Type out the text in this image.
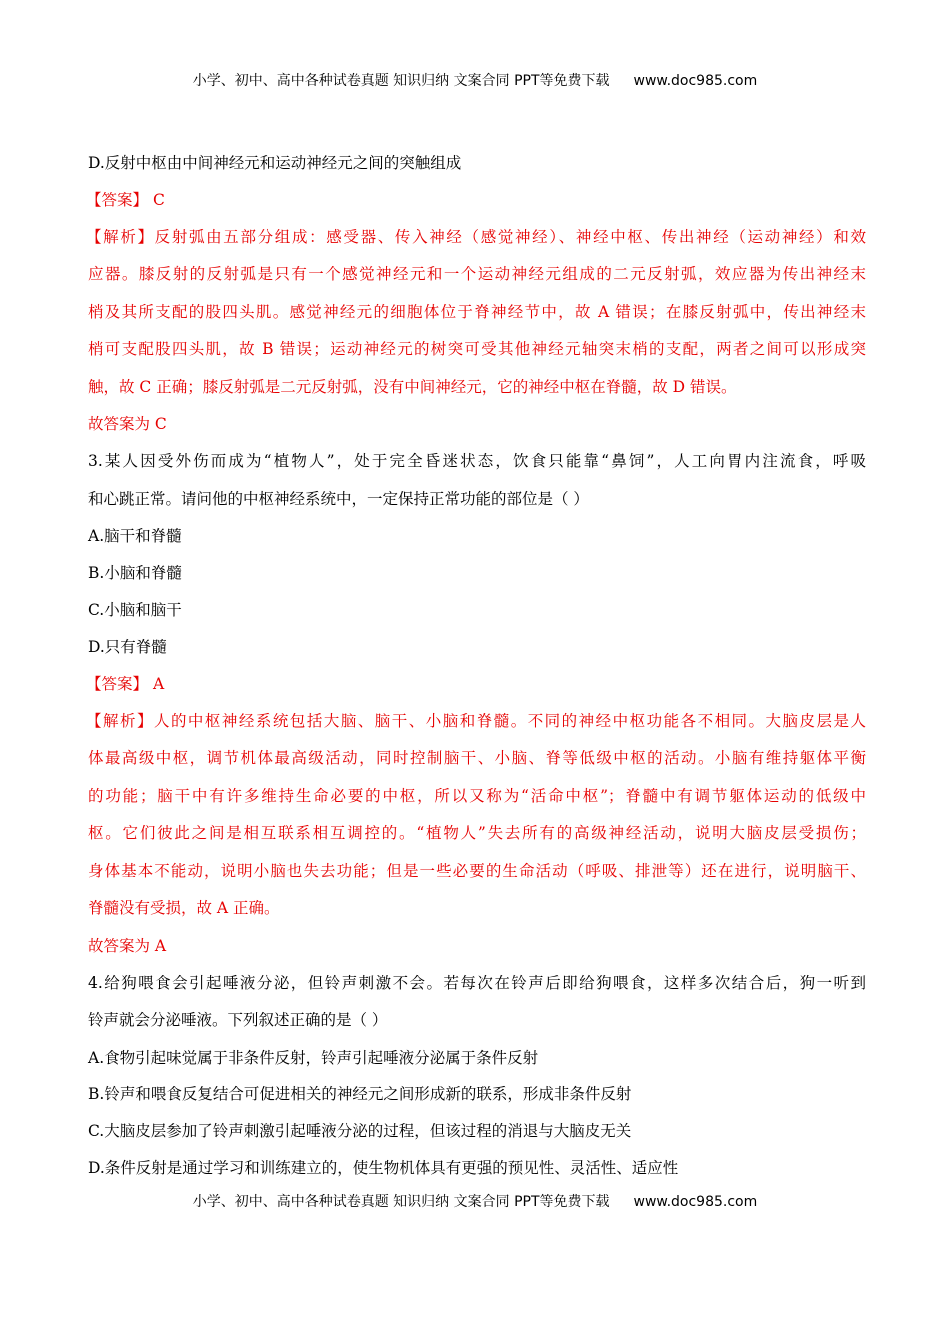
小学、初中、高中各种试卷真题 知识归纳 文案合同 PPT等免费下载 www.doc985.com
D.反射中枢由中间神经元和运动神经元之间的突触组成
【答案】 C
【解析】反射弧由五部分组成：感受器、传入神经（感觉神经）、神经中枢、传出神经（运动神经）和效
应器。膝反射的反射弧是只有一个感觉神经元和一个运动神经元组成的二元反射弧，效应器为传出神经末
梢及其所支配的股四头肌。感觉神经元的细胞体位于脊神经节中，故 A 错误；在膝反射弧中，传出神经末
梢可支配股四头肌，故 B 错误；运动神经元的树突可受其他神经元轴突末梢的支配，两者之间可以形成突
触，故 C 正确；膝反射弧是二元反射弧，没有中间神经元，它的神经中枢在脊髓，故 D 错误。
故答案为 C
3.某人因受外伤而成为“植物人”，处于完全昏迷状态，饮食只能靠“鼻饲”，人工向胃内注流食，呼吸
和心跳正常。请问他的中枢神经系统中，一定保持正常功能的部位是（ ）
A.脑干和脊髓
B.小脑和脊髓
C.小脑和脑干
D.只有脊髓
【答案】 A
【解析】人的中枢神经系统包括大脑、脑干、小脑和脊髓。不同的神经中枢功能各不相同。大脑皮层是人
体最高级中枢，调节机体最高级活动，同时控制脑干、小脑、脊等低级中枢的活动。小脑有维持躯体平衡
的功能；脑干中有许多维持生命必要的中枢，所以又称为“活命中枢”；脊髓中有调节躯体运动的低级中
枢。它们彼此之间是相互联系相互调控的。“植物人”失去所有的高级神经活动，说明大脑皮层受损伤；
身体基本不能动，说明小脑也失去功能；但是一些必要的生命活动（呼吸、排泄等）还在进行，说明脑干、
脊髓没有受损，故 A 正确。
故答案为 A
4.给狗喂食会引起唾液分泌，但铃声刺激不会。若每次在铃声后即给狗喂食，这样多次结合后，狗一听到
铃声就会分泌唾液。下列叙述正确的是（ ）
A.食物引起味觉属于非条件反射，铃声引起唾液分泌属于条件反射
B.铃声和喂食反复结合可促进相关的神经元之间形成新的联系，形成非条件反射
C.大脑皮层参加了铃声刺激引起唾液分泌的过程，但该过程的消退与大脑皮无关
D.条件反射是通过学习和训练建立的，使生物机体具有更强的预见性、灵活性、适应性
小学、初中、高中各种试卷真题 知识归纳 文案合同 PPT等免费下载 www.doc985.com
